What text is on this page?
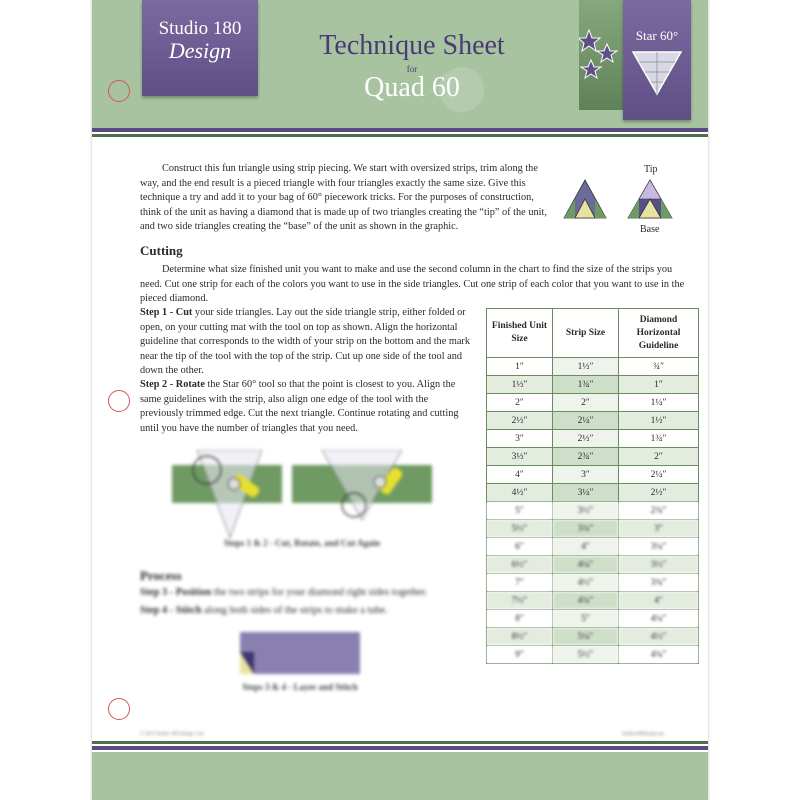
Studio 180
Design	Technique Sheet
for
Quad 60
Star 60°
Construct this fun triangle using strip piecing. We start with oversized strips, trim along the way, and the end result is a pieced triangle with four triangles exactly the same size. Give this technique a try and add it to your bag of 60° piecework tricks. For the purposes of construction, think of the unit as having a diamond that is made up of two triangles creating the “tip” of the unit, and two side triangles creating the “base” of the unit as shown in the graphic.
Tip
Base
Cutting
Determine what size finished unit you want to make and use the second column in the chart to find the size of the strips you need. Cut one strip for each of the colors you want to use in the side triangles. Cut one strip of each color that you want to use in the pieced diamond.
Step 1 - Cut your side triangles. Lay out the side triangle strip, either folded or open, on your cutting mat with the tool on top as shown. Align the horizontal guideline that corresponds to the width of your strip on the bottom and the mark near the tip of the tool with the top of the strip. Cut up one side of the tool and down the other.
Step 2 - Rotate the Star 60° tool so that the point is closest to you. Align the same guidelines with the strip, also align one edge of the tool with the previously trimmed edge. Cut the next triangle. Continue rotating and cutting until you have the number of triangles that you need.
Steps 1 & 2 - Cut, Rotate, and Cut Again
Process
Step 3 - Position the two strips for your diamond right sides together.
Step 4 - Stitch along both sides of the strips to make a tube.
Steps 3 & 4 - Layer and Stitch
© 2015 Studio 180 Design, Ltd.	Studio180Design.net
Finished Unit Size	Strip Size	Diamond Horizontal Guideline
1″	1½″	¾″
1½″	1¾″	1″
2″	2″	1¼″
2½″	2¼″	1½″
3″	2½″	1¾″
3½″	2¾″	2″
4″	3″	2¼″
4½″	3¼″	2½″
5″	3½″	2¾″
5½″	3¾″	3″
6″	4″	3¼″
6½″	4¼″	3½″
7″	4½″	3¾″
7½″	4¾″	4″
8″	5″	4¼″
8½″	5¼″	4½″
9″	5½″	4¾″
